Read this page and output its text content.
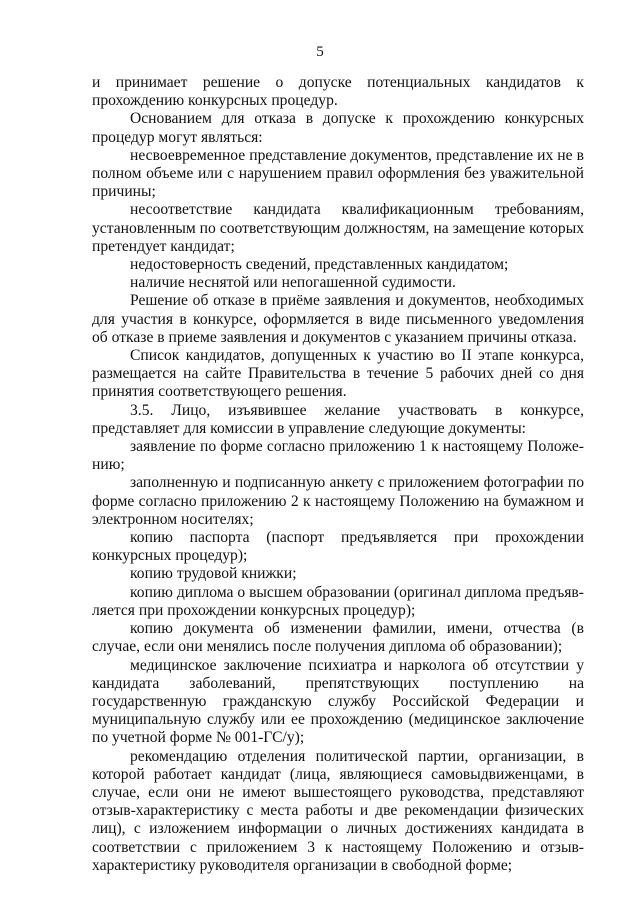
5

и принимает решение о допуске потенциальных кандидатов к прохождению конкурсных процедур.

Основанием для отказа в допуске к прохождению конкурсных процедур могут являться:

несвоевременное представление документов, представление их не в полном объеме или с нарушением правил оформления без уважительной причины;

несоответствие кандидата квалификационным требованиям, установленным по соответствующим должностям, на замещение которых претендует кандидат;

недостоверность сведений, представленных кандидатом;

наличие неснятой или непогашенной судимости.

Решение об отказе в приёме заявления и документов, необходимых для участия в конкурсе, оформляется в виде письменного уведомления об отказе в приеме заявления и документов с указанием причины отказа.

Список кандидатов, допущенных к участию во II этапе конкурса, размещается на сайте Правительства в течение 5 рабочих дней со дня принятия соответствующего решения.

3.5. Лицо, изъявившее желание участвовать в конкурсе, представляет для комиссии в управление следующие документы:

заявление по форме согласно приложению 1 к настоящему Положению;

заполненную и подписанную анкету с приложением фотографии по форме согласно приложению 2 к настоящему Положению на бумажном и электронном носителях;

копию паспорта (паспорт предъявляется при прохождении конкурсных процедур);

копию трудовой книжки;

копию диплома о высшем образовании (оригинал диплома предъявляется при прохождении конкурсных процедур);

копию документа об изменении фамилии, имени, отчества (в случае, если они менялись после получения диплома об образовании);

медицинское заключение психиатра и нарколога об отсутствии у кандидата заболеваний, препятствующих поступлению на государственную гражданскую службу Российской Федерации и муниципальную службу или ее прохождению (медицинское заключение по учетной форме № 001-ГС/у);

рекомендацию отделения политической партии, организации, в которой работает кандидат (лица, являющиеся самовыдвиженцами, в случае, если они не имеют вышестоящего руководства, представляют отзыв-характеристику с места работы и две рекомендации физических лиц), с изложением информации о личных достижениях кандидата в соответствии с приложением 3 к настоящему Положению и отзыв-характеристику руководителя организации в свободной форме;
